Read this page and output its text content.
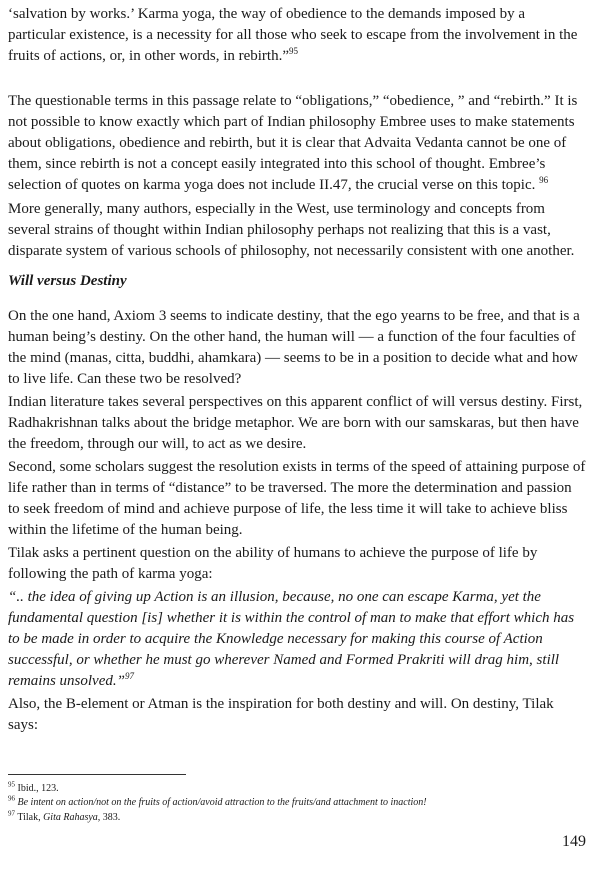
‘salvation by works.’ Karma yoga, the way of obedience to the demands imposed by a particular existence, is a necessity for all those who seek to escape from the involvement in the fruits of actions, or, in other words, in rebirth.”$^{95}$

The questionable terms in this passage relate to “obligations,” “obedience, ” and “rebirth.” It is not possible to know exactly which part of Indian philosophy Embree uses to make statements about obligations, obedience and rebirth, but it is clear that Advaita Vedanta cannot be one of them, since rebirth is not a concept easily integrated into this school of thought. Embree’s selection of quotes on karma yoga does not include II.47, the crucial verse on this topic. $^{96}$

More generally, many authors, especially in the West, use terminology and concepts from several strains of thought within Indian philosophy perhaps not realizing that this is a vast, disparate system of various schools of philosophy, not necessarily consistent with one another.

Will versus Destiny

On the one hand, Axiom 3 seems to indicate destiny, that the ego yearns to be free, and that is a human being’s destiny. On the other hand, the human will — a function of the four faculties of the mind (manas, citta, buddhi, ahamkara) — seems to be in a position to decide what and how to live life. Can these two be resolved?

Indian literature takes several perspectives on this apparent conflict of will versus destiny. First, Radhakrishnan talks about the bridge metaphor. We are born with our samskaras, but then have the freedom, through our will, to act as we desire.

Second, some scholars suggest the resolution exists in terms of the speed of attaining purpose of life rather than in terms of “distance” to be traversed. The more the determination and passion to seek freedom of mind and achieve purpose of life, the less time it will take to achieve bliss within the lifetime of the human being.

Tilak asks a pertinent question on the ability of humans to achieve the purpose of life by following the path of karma yoga:

“.. the idea of giving up Action is an illusion, because, no one can escape Karma, yet the fundamental question [is] whether it is within the control of man to make that effort which has to be made in order to acquire the Knowledge necessary for making this course of Action successful, or whether he must go wherever Named and Formed Prakriti will drag him, still remains unsolved.”$^{97}$

Also, the B-element or Atman is the inspiration for both destiny and will. On destiny, Tilak says:

$^{95}$ Ibid., 123.

$^{96}$ Be intent on action/not on the fruits of action/avoid attraction to the fruits/and attachment to inaction!

$^{97}$ Tilak, Gita Rahasya, 383.

149
